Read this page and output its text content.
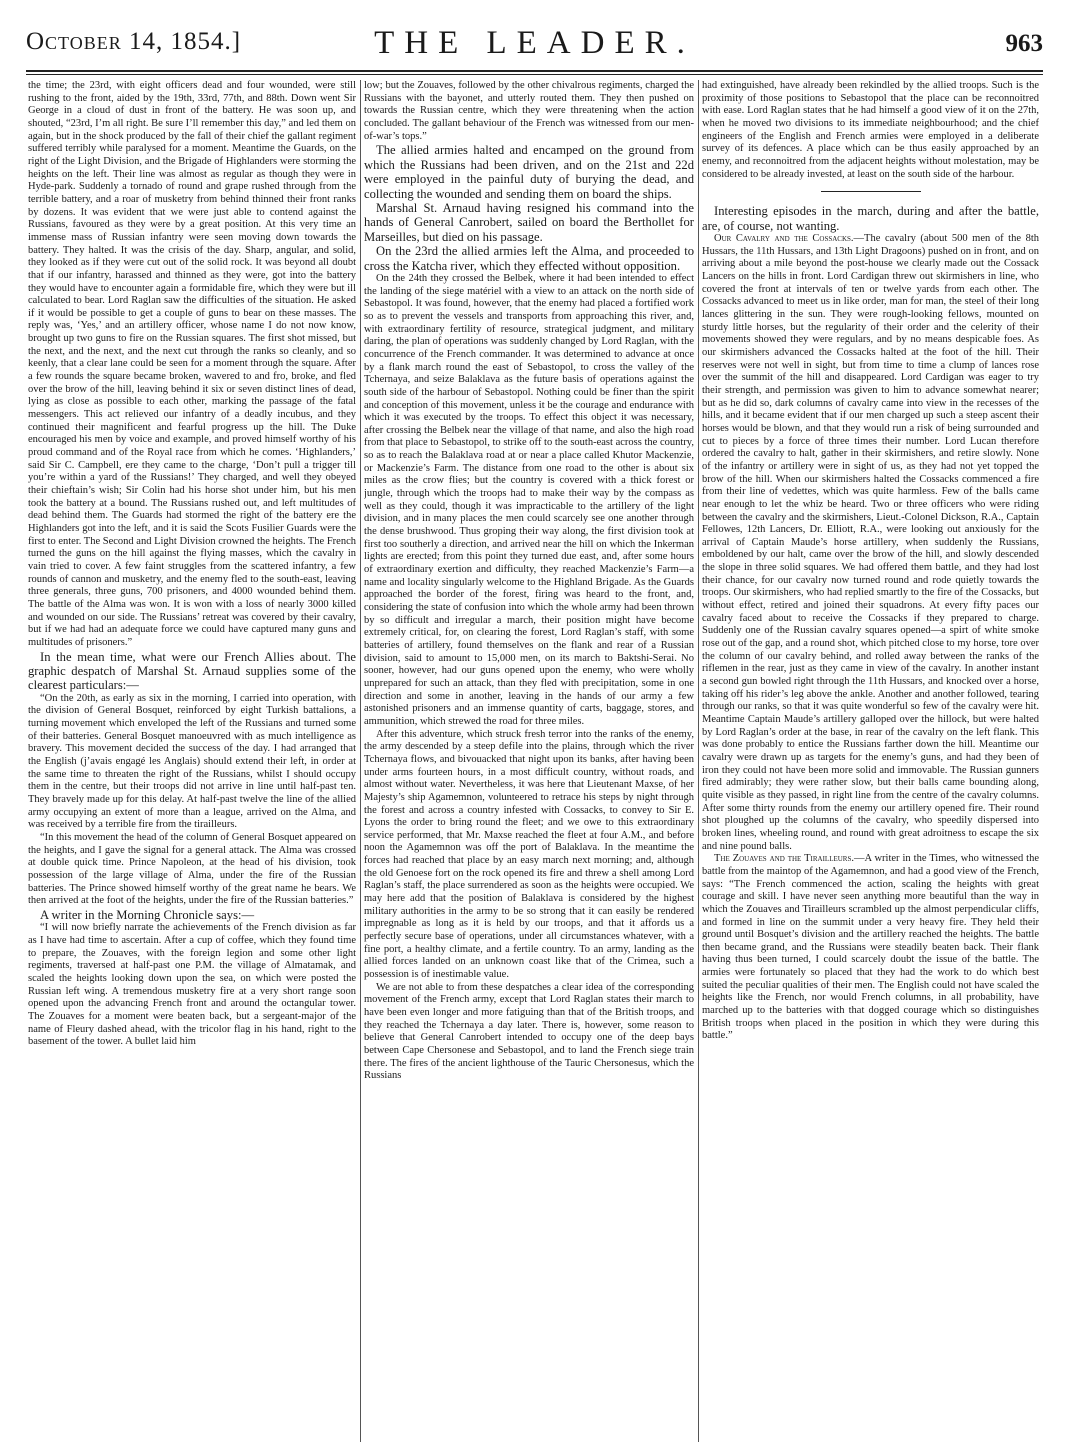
October 14, 1854.]	THE LEADER.	963

the time; the 23rd, with eight officers dead and four wounded, were still rushing to the front, aided by the 19th, 33rd, 77th, and 88th. Down went Sir George in a cloud of dust in front of the battery. He was soon up, and shouted, “23rd, I’m all right. Be sure I’ll remember this day,” and led them on again, but in the shock produced by the fall of their chief the gallant regiment suffered terribly while paralysed for a moment. Meantime the Guards, on the right of the Light Division, and the Brigade of Highlanders were storming the heights on the left. Their line was almost as regular as though they were in Hyde-park. Suddenly a tornado of round and grape rushed through from the terrible battery, and a roar of musketry from behind thinned their front ranks by dozens. It was evident that we were just able to contend against the Russians, favoured as they were by a great position. At this very time an immense mass of Russian infantry were seen moving down towards the battery. They halted. It was the crisis of the day. Sharp, angular, and solid, they looked as if they were cut out of the solid rock. It was beyond all doubt that if our infantry, harassed and thinned as they were, got into the battery they would have to encounter again a formidable fire, which they were but ill calculated to bear. Lord Raglan saw the difficulties of the situation. He asked if it would be possible to get a couple of guns to bear on these masses. The reply was, ‘Yes,’ and an artillery officer, whose name I do not now know, brought up two guns to fire on the Russian squares. The first shot missed, but the next, and the next, and the next cut through the ranks so cleanly, and so keenly, that a clear lane could be seen for a moment through the square. After a few rounds the square became broken, wavered to and fro, broke, and fled over the brow of the hill, leaving behind it six or seven distinct lines of dead, lying as close as possible to each other, marking the passage of the fatal messengers. This act relieved our infantry of a deadly incubus, and they continued their magnificent and fearful progress up the hill. The Duke encouraged his men by voice and example, and proved himself worthy of his proud command and of the Royal race from which he comes. ‘Highlanders,’ said Sir C. Campbell, ere they came to the charge, ‘Don’t pull a trigger till you’re within a yard of the Russians!’ They charged, and well they obeyed their chieftain’s wish; Sir Colin had his horse shot under him, but his men took the battery at a bound. The Russians rushed out, and left multitudes of dead behind them. The Guards had stormed the right of the battery ere the Highlanders got into the left, and it is said the Scots Fusilier Guards were the first to enter. The Second and Light Division crowned the heights. The French turned the guns on the hill against the flying masses, which the cavalry in vain tried to cover. A few faint struggles from the scattered infantry, a few rounds of cannon and musketry, and the enemy fled to the south-east, leaving three generals, three guns, 700 prisoners, and 4000 wounded behind them. The battle of the Alma was won. It is won with a loss of nearly 3000 killed and wounded on our side. The Russians’ retreat was covered by their cavalry, but if we had had an adequate force we could have captured many guns and multitudes of prisoners.”

In the mean time, what were our French Allies about. The graphic despatch of Marshal St. Arnaud supplies some of the clearest particulars:—

“On the 20th, as early as six in the morning, I carried into operation, with the division of General Bosquet, reinforced by eight Turkish battalions, a turning movement which enveloped the left of the Russians and turned some of their batteries. General Bosquet manoeuvred with as much intelligence as bravery. This movement decided the success of the day. I had arranged that the English (j’avais engagé les Anglais) should extend their left, in order at the same time to threaten the right of the Russians, whilst I should occupy them in the centre, but their troops did not arrive in line until half-past ten. They bravely made up for this delay. At half-past twelve the line of the allied army occupying an extent of more than a league, arrived on the Alma, and was received by a terrible fire from the tirailleurs.

“In this movement the head of the column of General Bosquet appeared on the heights, and I gave the signal for a general attack. The Alma was crossed at double quick time. Prince Napoleon, at the head of his division, took possession of the large village of Alma, under the fire of the Russian batteries. The Prince showed himself worthy of the great name he bears. We then arrived at the foot of the heights, under the fire of the Russian batteries.”

A writer in the Morning Chronicle says:—

“I will now briefly narrate the achievements of the French division as far as I have had time to ascertain. After a cup of coffee, which they found time to prepare, the Zouaves, with the foreign legion and some other light regiments, traversed at half-past one P.M. the village of Almatamak, and scaled the heights looking down upon the sea, on which were posted the Russian left wing. A tremendous musketry fire at a very short range soon opened upon the advancing French front and around the octangular tower. The Zouaves for a moment were beaten back, but a sergeant-major of the name of Fleury dashed ahead, with the tricolor flag in his hand, right to the basement of the tower. A bullet laid him

low; but the Zouaves, followed by the other chivalrous regiments, charged the Russians with the bayonet, and utterly routed them. They then pushed on towards the Russian centre, which they were threatening when the action concluded. The gallant behaviour of the French was witnessed from our men-of-war’s tops.”

The allied armies halted and encamped on the ground from which the Russians had been driven, and on the 21st and 22d were employed in the painful duty of burying the dead, and collecting the wounded and sending them on board the ships.

Marshal St. Arnaud having resigned his command into the hands of General Canrobert, sailed on board the Berthollet for Marseilles, but died on his passage.

On the 23rd the allied armies left the Alma, and proceeded to cross the Katcha river, which they effected without opposition.

On the 24th they crossed the Belbek, where it had been intended to effect the landing of the siege matériel with a view to an attack on the north side of Sebastopol. It was found, however, that the enemy had placed a fortified work so as to prevent the vessels and transports from approaching this river, and, with extraordinary fertility of resource, strategical judgment, and military daring, the plan of operations was suddenly changed by Lord Raglan, with the concurrence of the French commander. It was determined to advance at once by a flank march round the east of Sebastopol, to cross the valley of the Tchernaya, and seize Balaklava as the future basis of operations against the south side of the harbour of Sebastopol. Nothing could be finer than the spirit and conception of this movement, unless it be the courage and endurance with which it was executed by the troops. To effect this object it was necessary, after crossing the Belbek near the village of that name, and also the high road from that place to Sebastopol, to strike off to the south-east across the country, so as to reach the Balaklava road at or near a place called Khutor Mackenzie, or Mackenzie’s Farm. The distance from one road to the other is about six miles as the crow flies; but the country is covered with a thick forest or jungle, through which the troops had to make their way by the compass as well as they could, though it was impracticable to the artillery of the light division, and in many places the men could scarcely see one another through the dense brushwood. Thus groping their way along, the first division took at first too southerly a direction, and arrived near the hill on which the Inkerman lights are erected; from this point they turned due east, and, after some hours of extraordinary exertion and difficulty, they reached Mackenzie’s Farm—a name and locality singularly welcome to the Highland Brigade. As the Guards approached the border of the forest, firing was heard to the front, and, considering the state of confusion into which the whole army had been thrown by so difficult and irregular a march, their position might have become extremely critical, for, on clearing the forest, Lord Raglan’s staff, with some batteries of artillery, found themselves on the flank and rear of a Russian division, said to amount to 15,000 men, on its march to Baktshi-Serai. No sooner, however, had our guns opened upon the enemy, who were wholly unprepared for such an attack, than they fled with precipitation, some in one direction and some in another, leaving in the hands of our army a few astonished prisoners and an immense quantity of carts, baggage, stores, and ammunition, which strewed the road for three miles.

After this adventure, which struck fresh terror into the ranks of the enemy, the army descended by a steep defile into the plains, through which the river Tchernaya flows, and bivouacked that night upon its banks, after having been under arms fourteen hours, in a most difficult country, without roads, and almost without water. Nevertheless, it was here that Lieutenant Maxse, of her Majesty’s ship Agamemnon, volunteered to retrace his steps by night through the forest and across a country infested with Cossacks, to convey to Sir E. Lyons the order to bring round the fleet; and we owe to this extraordinary service performed, that Mr. Maxse reached the fleet at four A.M., and before noon the Agamemnon was off the port of Balaklava. In the meantime the forces had reached that place by an easy march next morning; and, although the old Genoese fort on the rock opened its fire and threw a shell among Lord Raglan’s staff, the place surrendered as soon as the heights were occupied. We may here add that the position of Balaklava is considered by the highest military authorities in the army to be so strong that it can easily be rendered impregnable as long as it is held by our troops, and that it affords us a perfectly secure base of operations, under all circumstances whatever, with a fine port, a healthy climate, and a fertile country. To an army, landing as the allied forces landed on an unknown coast like that of the Crimea, such a possession is of inestimable value.

We are not able to from these despatches a clear idea of the corresponding movement of the French army, except that Lord Raglan states their march to have been even longer and more fatiguing than that of the British troops, and they reached the Tchernaya a day later. There is, however, some reason to believe that General Canrobert intended to occupy one of the deep bays between Cape Chersonese and Sebastopol, and to land the French siege train there. The fires of the ancient lighthouse of the Tauric Chersonesus, which the Russians

had extinguished, have already been rekindled by the allied troops. Such is the proximity of those positions to Sebastopol that the place can be reconnoitred with ease. Lord Raglan states that he had himself a good view of it on the 27th, when he moved two divisions to its immediate neighbourhood; and the chief engineers of the English and French armies were employed in a deliberate survey of its defences. A place which can be thus easily approached by an enemy, and reconnoitred from the adjacent heights without molestation, may be considered to be already invested, at least on the south side of the harbour.

Interesting episodes in the march, during and after the battle, are, of course, not wanting.

Our Cavalry and the Cossacks.—The cavalry (about 500 men of the 8th Hussars, the 11th Hussars, and 13th Light Dragoons) pushed on in front, and on arriving about a mile beyond the post-house we clearly made out the Cossack Lancers on the hills in front. Lord Cardigan threw out skirmishers in line, who covered the front at intervals of ten or twelve yards from each other. The Cossacks advanced to meet us in like order, man for man, the steel of their long lances glittering in the sun. They were rough-looking fellows, mounted on sturdy little horses, but the regularity of their order and the celerity of their movements showed they were regulars, and by no means despicable foes. As our skirmishers advanced the Cossacks halted at the foot of the hill. Their reserves were not well in sight, but from time to time a clump of lances rose over the summit of the hill and disappeared. Lord Cardigan was eager to try their strength, and permission was given to him to advance somewhat nearer; but as he did so, dark columns of cavalry came into view in the recesses of the hills, and it became evident that if our men charged up such a steep ascent their horses would be blown, and that they would run a risk of being surrounded and cut to pieces by a force of three times their number. Lord Lucan therefore ordered the cavalry to halt, gather in their skirmishers, and retire slowly. None of the infantry or artillery were in sight of us, as they had not yet topped the brow of the hill. When our skirmishers halted the Cossacks commenced a fire from their line of vedettes, which was quite harmless. Few of the balls came near enough to let the whiz be heard. Two or three officers who were riding between the cavalry and the skirmishers, Lieut.-Colonel Dickson, R.A., Captain Fellowes, 12th Lancers, Dr. Elliott, R.A., were looking out anxiously for the arrival of Captain Maude’s horse artillery, when suddenly the Russians, emboldened by our halt, came over the brow of the hill, and slowly descended the slope in three solid squares. We had offered them battle, and they had lost their chance, for our cavalry now turned round and rode quietly towards the troops. Our skirmishers, who had replied smartly to the fire of the Cossacks, but without effect, retired and joined their squadrons. At every fifty paces our cavalry faced about to receive the Cossacks if they prepared to charge. Suddenly one of the Russian cavalry squares opened—a spirt of white smoke rose out of the gap, and a round shot, which pitched close to my horse, tore over the column of our cavalry behind, and rolled away between the ranks of the riflemen in the rear, just as they came in view of the cavalry. In another instant a second gun bowled right through the 11th Hussars, and knocked over a horse, taking off his rider’s leg above the ankle. Another and another followed, tearing through our ranks, so that it was quite wonderful so few of the cavalry were hit. Meantime Captain Maude’s artillery galloped over the hillock, but were halted by Lord Raglan’s order at the base, in rear of the cavalry on the left flank. This was done probably to entice the Russians farther down the hill. Meantime our cavalry were drawn up as targets for the enemy’s guns, and had they been of iron they could not have been more solid and immovable. The Russian gunners fired admirably; they were rather slow, but their balls came bounding along, quite visible as they passed, in right line from the centre of the cavalry columns. After some thirty rounds from the enemy our artillery opened fire. Their round shot ploughed up the columns of the cavalry, who speedily dispersed into broken lines, wheeling round, and round with great adroitness to escape the six and nine pound balls.

The Zouaves and the Tirailleurs.—A writer in the Times, who witnessed the battle from the maintop of the Agamemnon, and had a good view of the French, says: “The French commenced the action, scaling the heights with great courage and skill. I have never seen anything more beautiful than the way in which the Zouaves and Tirailleurs scrambled up the almost perpendicular cliffs, and formed in line on the summit under a very heavy fire. They held their ground until Bosquet’s division and the artillery reached the heights. The battle then became grand, and the Russians were steadily beaten back. Their flank having thus been turned, I could scarcely doubt the issue of the battle. The armies were fortunately so placed that they had the work to do which best suited the peculiar qualities of their men. The English could not have scaled the heights like the French, nor would French columns, in all probability, have marched up to the batteries with that dogged courage which so distinguishes British troops when placed in the position in which they were during this battle.”
